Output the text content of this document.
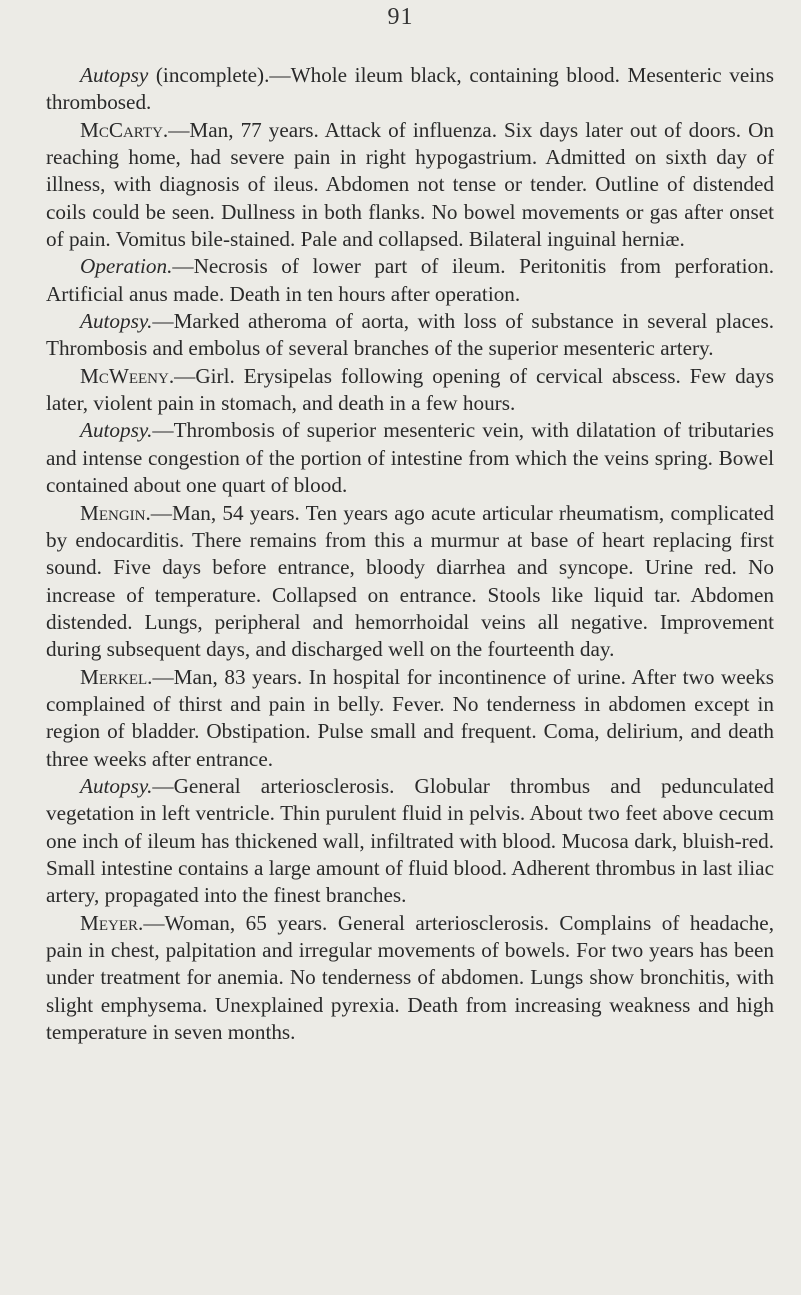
91

Autopsy (incomplete).—Whole ileum black, containing blood. Mesenteric veins thrombosed.

McCarty.—Man, 77 years. Attack of influenza. Six days later out of doors. On reaching home, had severe pain in right hypogastrium. Admitted on sixth day of illness, with diagnosis of ileus. Abdomen not tense or tender. Outline of distended coils could be seen. Dullness in both flanks. No bowel movements or gas after onset of pain. Vomitus bile-stained. Pale and collapsed. Bilateral inguinal herniæ.

Operation.—Necrosis of lower part of ileum. Peritonitis from perforation. Artificial anus made. Death in ten hours after operation.

Autopsy.—Marked atheroma of aorta, with loss of substance in several places. Thrombosis and embolus of several branches of the superior mesenteric artery.

McWeeny.—Girl. Erysipelas following opening of cervical abscess. Few days later, violent pain in stomach, and death in a few hours.

Autopsy.—Thrombosis of superior mesenteric vein, with dilatation of tributaries and intense congestion of the portion of intestine from which the veins spring. Bowel contained about one quart of blood.

Mengin.—Man, 54 years. Ten years ago acute articular rheumatism, complicated by endocarditis. There remains from this a murmur at base of heart replacing first sound. Five days before entrance, bloody diarrhea and syncope. Urine red. No increase of temperature. Collapsed on entrance. Stools like liquid tar. Abdomen distended. Lungs, peripheral and hemorrhoidal veins all negative. Improvement during subsequent days, and discharged well on the fourteenth day.

Merkel.—Man, 83 years. In hospital for incontinence of urine. After two weeks complained of thirst and pain in belly. Fever. No tenderness in abdomen except in region of bladder. Obstipation. Pulse small and frequent. Coma, delirium, and death three weeks after entrance.

Autopsy.—General arteriosclerosis. Globular thrombus and pedunculated vegetation in left ventricle. Thin purulent fluid in pelvis. About two feet above cecum one inch of ileum has thickened wall, infiltrated with blood. Mucosa dark, bluish-red. Small intestine contains a large amount of fluid blood. Adherent thrombus in last iliac artery, propagated into the finest branches.

Meyer.—Woman, 65 years. General arteriosclerosis. Complains of headache, pain in chest, palpitation and irregular movements of bowels. For two years has been under treatment for anemia. No tenderness of abdomen. Lungs show bronchitis, with slight emphysema. Unexplained pyrexia. Death from increasing weakness and high temperature in seven months.
